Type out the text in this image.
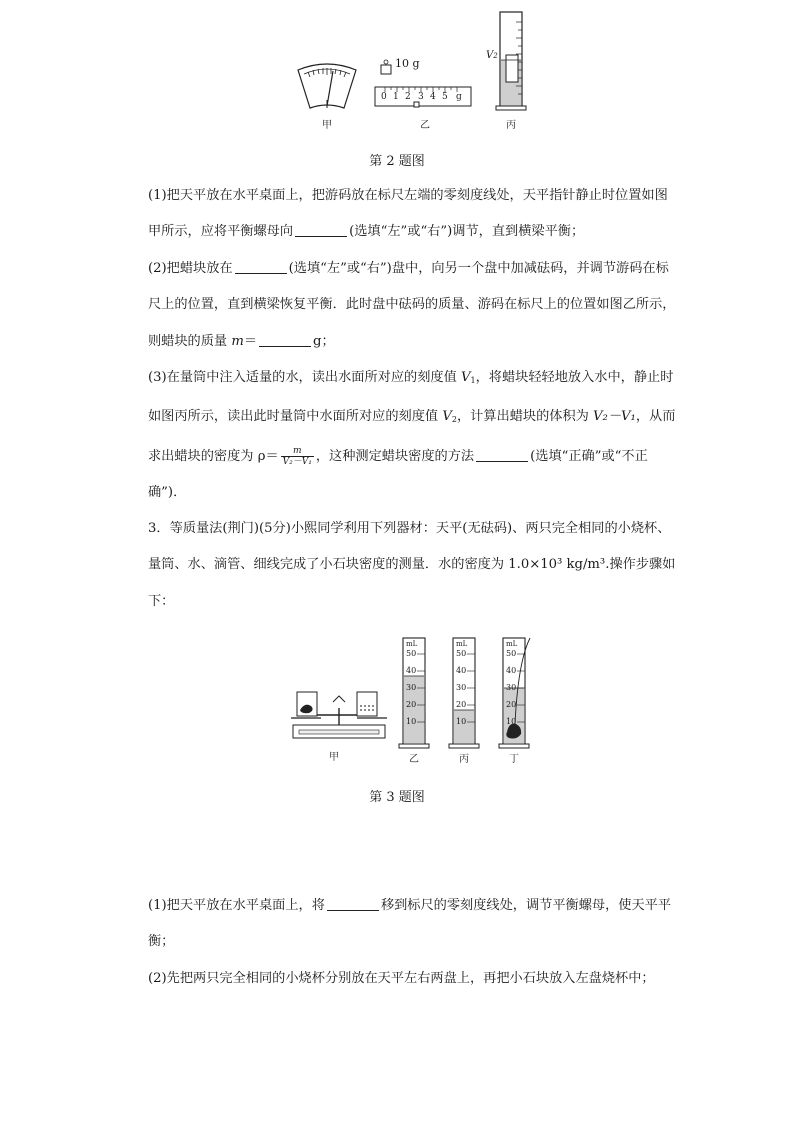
10 g
0 1 2 3 4 5 g
V2
甲	乙	丙
第 2 题图

(1)把天平放在水平桌面上，把游码放在标尺左端的零刻度线处，天平指针静止时位置如图甲所示，应将平衡螺母向	(选填“左”或“右”)调节，直到横梁平衡；

(2)把蜡块放在	(选填“左”或“右”)盘中，向另一个盘中加减砝码，并调节游码在标尺上的位置，直到横梁恢复平衡．此时盘中砝码的质量、游码在标尺上的位置如图乙所示，则蜡块的质量 m＝	g；

(3)在量筒中注入适量的水，读出水面所对应的刻度值 $V_1$，将蜡块轻轻地放入水中，静止时如图丙所示，读出此时量筒中水面所对应的刻度值 $V_2$，计算出蜡块的体积为 V₂－V₁，从而求出蜡块的密度为 $\rho= \frac{m}{\text{V₂－V₁}}$ ，这种测定蜡块密度的方法	(选填“正确”或“不正确”)．

3．等质量法(荆门)(5分)小熙同学利用下列器材：天平(无砝码)、两只完全相同的小烧杯、量筒、水、滴管、细线完成了小石块密度的测量．水的密度为 1.0×10³ kg/m³.操作步骤如下：

mL
50
40
30
20
10
mL
50
40
30
20
10
mL
50
40
30
20
10
甲	乙	丙	丁
第 3 题图

(1)把天平放在水平桌面上，将	移到标尺的零刻度线处，调节平衡螺母，使天平平衡；

(2)先把两只完全相同的小烧杯分别放在天平左右两盘上，再把小石块放入左盘烧杯中；
